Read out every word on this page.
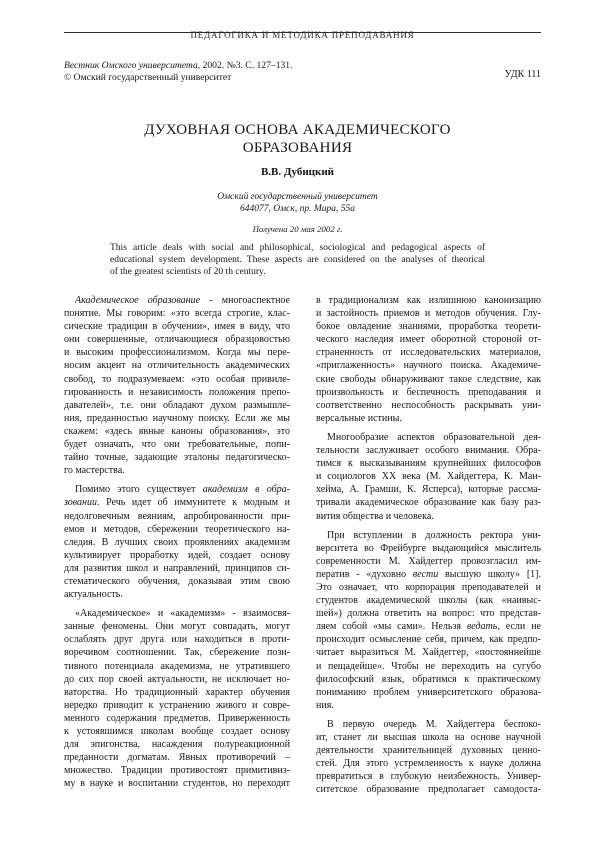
ПЕДАГОГИКА И МЕТОДИКА ПРЕПОДАВАНИЯ
Вестник Омского университета, 2002. №3. С. 127–131.
© Омский государственный университет	УДК 111
ДУХОВНАЯ ОСНОВА АКАДЕМИЧЕСКОГО
ОБРАЗОВАНИЯ
В.В. Дубицкий
Омский государственный университет
644077, Омск, пр. Мира, 55а
Получена 20 мая 2002 г.
This article deals with social and philosophical, sociological and pedagogical aspects of
educational system development. These aspects are considered on the analyses of theorical
of the greatest scientists of 20 th century.
Академическое образование - многоаспектное
понятие. Мы говорим: «это всегда строгие, клас-
сические традиции в обучении», имея в виду, что
они совершенные, отличающиеся образцовостью
и высоким профессионализмом. Когда мы пере-
носим акцент на отличительность академических
свобод, то подразумеваем: «это особая привиле-
гированность и независимость положения препо-
давателей», т.е. они обладают духом размышле-
ния, преданностью научному поиску. Если же мы
скажем: «здесь явные каноны образования», это
будет означать, что они требовательные, попи-
тайно точные, задающие эталоны педагогическо-
го мастерства.
Помимо этого существует академизм в обра-
зовании. Речь идет об иммунитете к модным и
недолговечным веяниям, апробированности при-
емов и методов, сбережении теоретического на-
следия. В лучших своих проявлениях академизм
культивирует проработку идей, создает основу
для развития школ и направлений, принципов си-
стематического обучения, доказывая этим свою
актуальность.
«Академическое» и «академизм» - взаимосвя-
занные феномены. Они могут совпадать, могут
ослаблять друг друга или находиться в проти-
воречивом соотношении. Так, сбережение пози-
тивного потенциала академизма, не утратившего
до сих пор своей актуальности, не исключает но-
ваторства. Но традиционный характер обучения
нередко приводит к устранению живого и совре-
менного содержания предметов. Приверженность
к устоявшимся школам вообще создает основу
для эпигонства, насаждения полуреакционной
преданности догматам. Явных противоречий –
множество. Традиции противостоят примитивиз-
му в науке и воспитании студентов, но переходят
в традиционализм как излишнюю канонизацию
и застойность приемов и методов обучения. Глу-
бокое овладение знаниями, проработка теорети-
ческого наследия имеет оборотной стороной от-
страненность от исследовательских материалов,
«приглаженность» научного поиска. Академиче-
ские свободы обнаруживают такое следствие, как
произвольность и беспечность преподавания и
соответственно неспособность раскрывать уни-
версальные истины.
Многообразие аспектов образовательной дея-
тельности заслуживает особого внимания. Обра-
тимся к высказываниям крупнейших философов
и социологов XX века (М. Хайдеггера, К. Ман-
хейма, А. Грамши, К. Ясперса), которые рассма-
тривали академическое образование как базу раз-
вития общества и человека.
При вступлении в должность ректора уни-
верситета во Фрейбурге выдающийся мыслитель
современности М. Хайдеггер провозгласил им-
ператив - «духовно вести высшую школу» [1].
Это означает, что корпорация преподавателей и
студентов академической школы (как «наивыс-
шей») должна ответить на вопрос: что представ-
ляем собой «мы сами». Нельзя ведать, если не
происходит осмысление себя, причем, как предпо-
читает выразиться М. Хайдеггер, «постояннейше
и пещадейше». Чтобы не переходить на сугубо
философский язык, обратимся к практическому
пониманию проблем университетского образова-
ния.
В первую очередь М. Хайдеггера беспоко-
ит, станет ли высшая школа на основе научной
деятельности хранительницей духовных ценно-
стей. Для этого устремленность к науке должна
превратиться в глубокую неизбежность. Универ-
ситетское образование предполагает самодоста-
